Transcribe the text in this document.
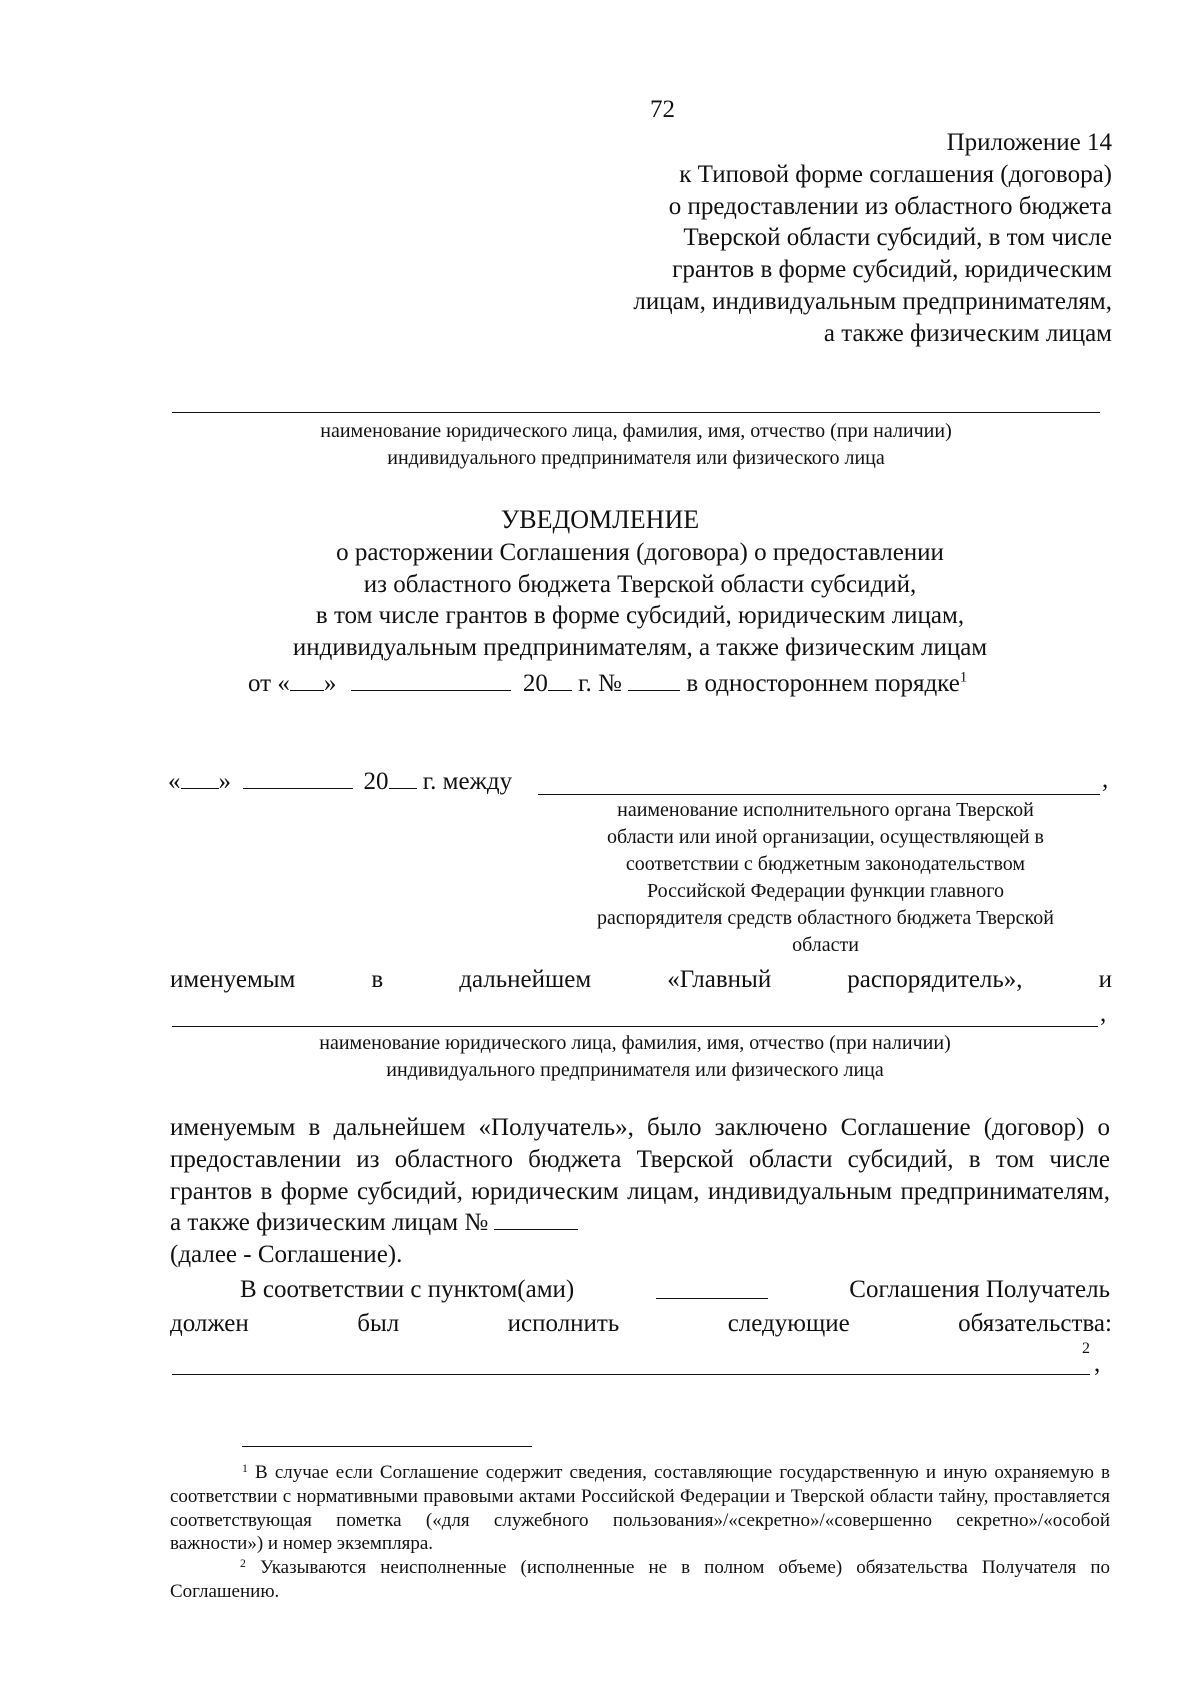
72
Приложение 14
к Типовой форме соглашения (договора)
о предоставлении из областного бюджета
Тверской области субсидий, в том числе
грантов в форме субсидий, юридическим
лицам, индивидуальным предпринимателям,
а также физическим лицам
наименование юридического лица, фамилия, имя, отчество (при наличии)
индивидуального предпринимателя или физического лица
УВЕДОМЛЕНИЕ
о расторжении Соглашения (договора) о предоставлении
из областного бюджета Тверской области субсидий,
в том числе грантов в форме субсидий, юридическим лицам,
индивидуальным предпринимателям, а также физическим лицам
от « »	20 г. №	в одностороннем порядке$^1$
« »	20 г. между	,
наименование исполнительного органа Тверской
области или иной организации, осуществляющей в
соответствии с бюджетным законодательством
Российской Федерации функции главного
распорядителя средств областного бюджета Тверской
области
именуемым	в	дальнейшем	«Главный	распорядитель»,	и
,
наименование юридического лица, фамилия, имя, отчество (при наличии)
индивидуального предпринимателя или физического лица

именуемым в дальнейшем «Получатель», было заключено Соглашение (договор) о предоставлении из областного бюджета Тверской области субсидий, в том числе грантов в форме субсидий, юридическим лицам, индивидуальным предпринимателям, а также физическим лицам №

(далее - Соглашение).

В соответствии с пунктом(ами)	Соглашения Получатель
должен	был	исполнить	следующие	обязательства:
2
,

$^1$ В случае если Соглашение содержит сведения, составляющие государственную и иную охраняемую в соответствии с нормативными правовыми актами Российской Федерации и Тверской области тайну, проставляется соответствующая пометка («для служебного пользования»/«секретно»/«совершенно секретно»/«особой важности») и номер экземпляра.

$^2$ Указываются неисполненные (исполненные не в полном объеме) обязательства Получателя по Соглашению.
